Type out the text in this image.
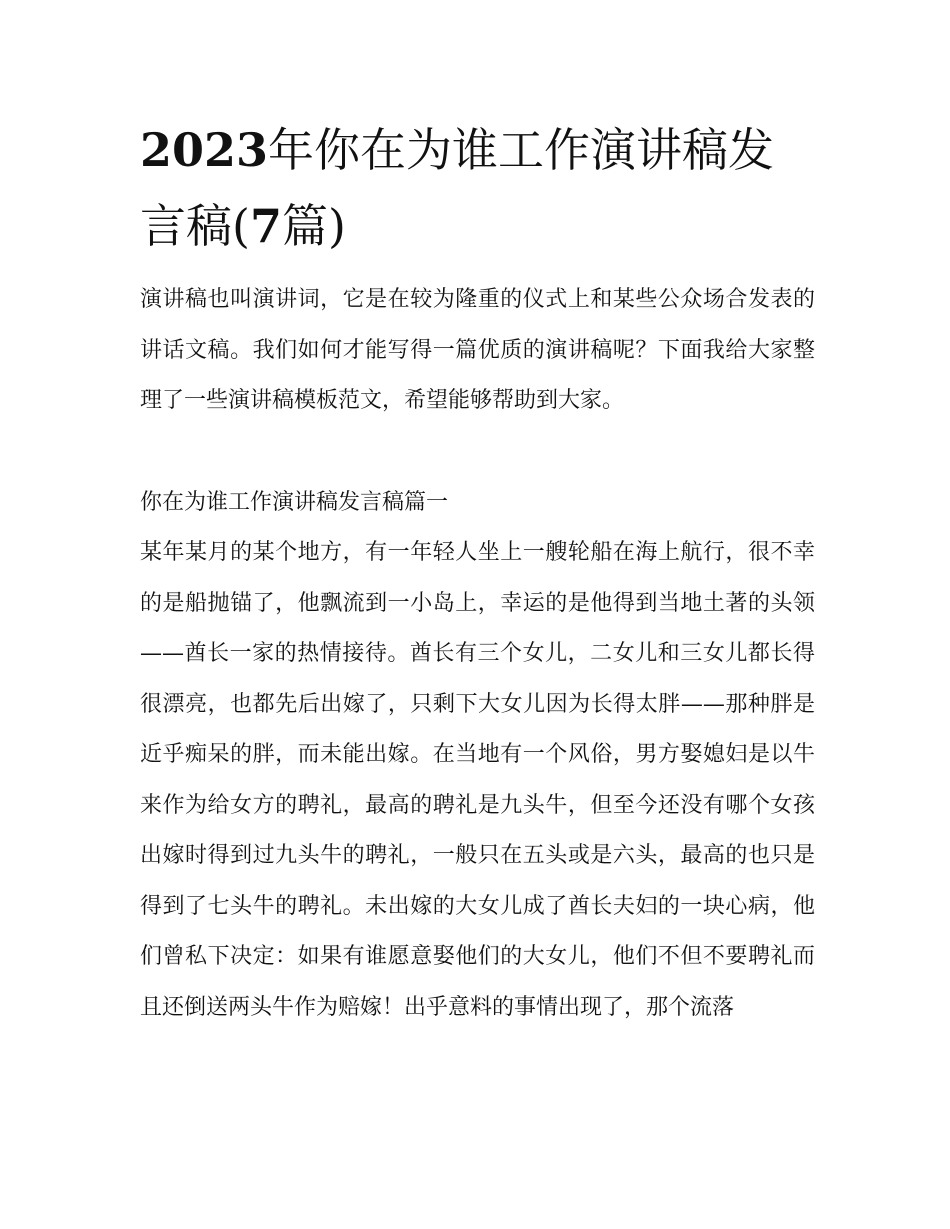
2023年你在为谁工作演讲稿发
言稿(7篇)

演讲稿也叫演讲词，它是在较为隆重的仪式上和某些公众场合发表的讲话文稿。我们如何才能写得一篇优质的演讲稿呢？下面我给大家整理了一些演讲稿模板范文，希望能够帮助到大家。

你在为谁工作演讲稿发言稿篇一

某年某月的某个地方，有一年轻人坐上一艘轮船在海上航行，很不幸的是船抛锚了，他飘流到一小岛上，幸运的是他得到当地土著的头领——酋长一家的热情接待。酋长有三个女儿，二女儿和三女儿都长得很漂亮，也都先后出嫁了，只剩下大女儿因为长得太胖——那种胖是近乎痴呆的胖，而未能出嫁。在当地有一个风俗，男方娶媳妇是以牛来作为给女方的聘礼，最高的聘礼是九头牛，但至今还没有哪个女孩出嫁时得到过九头牛的聘礼，一般只在五头或是六头，最高的也只是得到了七头牛的聘礼。未出嫁的大女儿成了酋长夫妇的一块心病，他们曾私下决定：如果有谁愿意娶他们的大女儿，他们不但不要聘礼而且还倒送两头牛作为赔嫁！出乎意料的事情出现了，那个流落
